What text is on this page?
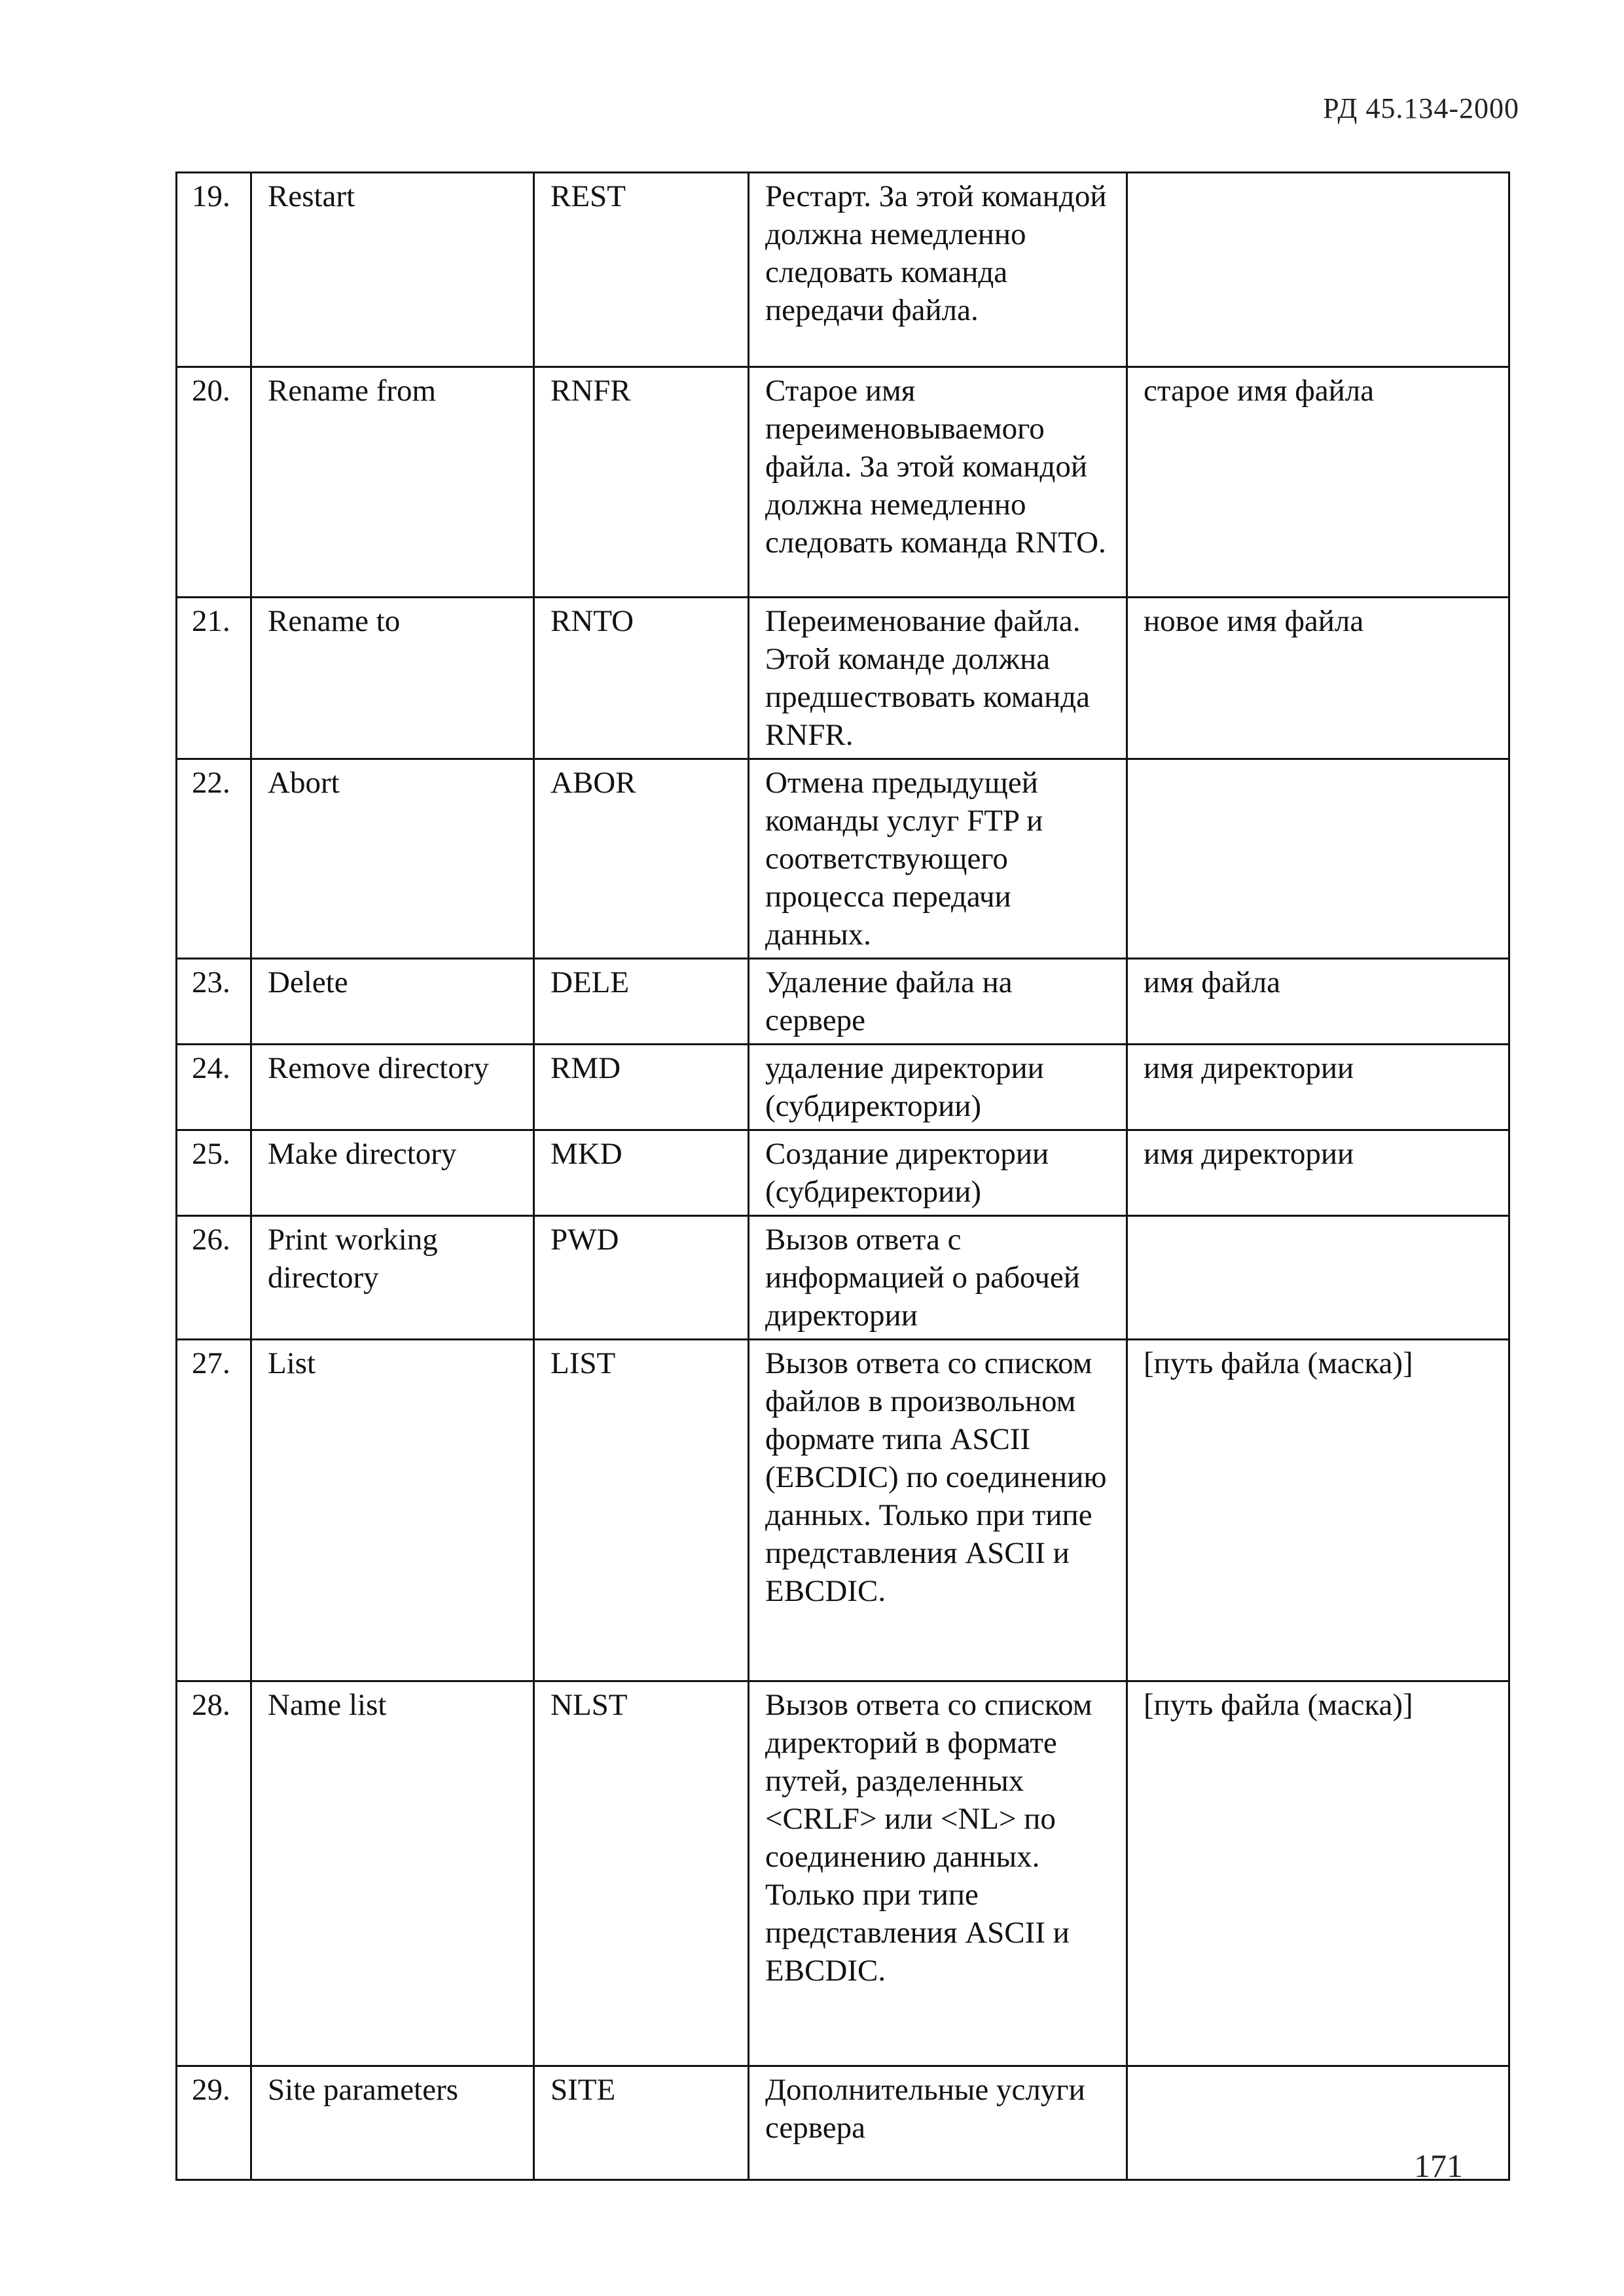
РД 45.134-2000
19.	Restart	REST	Рестарт. За этой командой должна немедленно следовать команда передачи файла.	
20.	Rename from	RNFR	Старое имя переименовываемого файла. За этой командой должна немедленно следовать команда RNTO.	старое имя файла
21.	Rename to	RNTO	Переименование файла. Этой команде должна предшествовать команда RNFR.	новое имя файла
22.	Abort	ABOR	Отмена предыдущей команды услуг FTP и соответствующего процесса передачи данных.	
23.	Delete	DELE	Удаление файла на сервере	имя файла
24.	Remove directory	RMD	удаление директории (субдиректории)	имя директории
25.	Make directory	MKD	Создание директории (субдиректории)	имя директории
26.	Print working directory	PWD	Вызов ответа с информацией о рабочей директории	
27.	List	LIST	Вызов ответа со списком файлов в произвольном формате типа ASCII (EBCDIC) по соединению данных. Только при типе представления ASCII и EBCDIC.	[путь файла (маска)]
28.	Name list	NLST	Вызов ответа со списком директорий в формате путей, разделенных <CRLF> или <NL> по соединению данных. Только при типе представления ASCII и EBCDIC.	[путь файла (маска)]
29.	Site parameters	SITE	Дополнительные услуги сервера	
171
